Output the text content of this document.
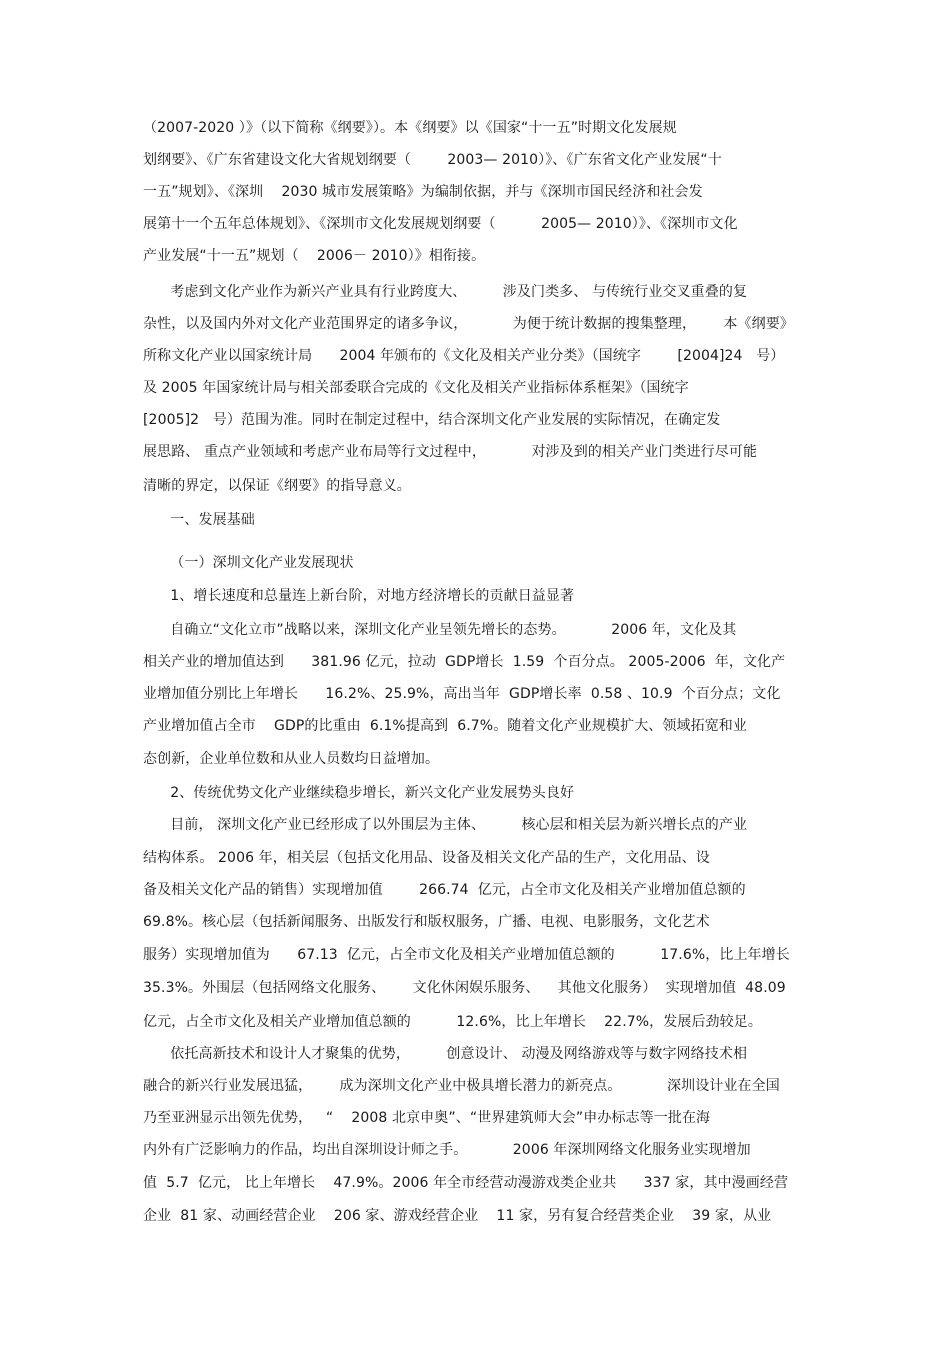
（2007-2020 ）》（以下简称《纲要》）。本《纲要》以《国家“十一五”时期文化发展规
划纲要》、《广东省建设文化大省规划纲要（        2003— 2010）》、《广东省文化产业发展“十
一五”规划》、《深圳    2030 城市发展策略》为编制依据，并与《深圳市国民经济和社会发
展第十一个五年总体规划》、《深圳市文化发展规划纲要（          2005— 2010）》、《深圳市文化
产业发展“十一五”规划（    2006－ 2010）》相衔接。
考虑到文化产业作为新兴产业具有行业跨度大、        涉及门类多、 与传统行业交叉重叠的复
杂性，以及国内外对文化产业范围界定的诸多争议，          为便于统计数据的搜集整理，      本《纲要》
所称文化产业以国家统计局      2004 年颁布的《文化及相关产业分类》（国统字        [2004]24   号）
及 2005 年国家统计局与相关部委联合完成的《文化及相关产业指标体系框架》（国统字
[2005]2   号）范围为准。同时在制定过程中，结合深圳文化产业发展的实际情况，在确定发
展思路、 重点产业领域和考虑产业布局等行文过程中，          对涉及到的相关产业门类进行尽可能
清晰的界定，以保证《纲要》的指导意义。
一、发展基础
（一）深圳文化产业发展现状
1、增长速度和总量连上新台阶，对地方经济增长的贡献日益显著
自确立“文化立市”战略以来，深圳文化产业呈领先增长的态势。          2006 年，文化及其
相关产业的增加值达到      381.96 亿元，拉动  GDP增长  1.59  个百分点。 2005-2006  年，文化产
业增加值分别比上年增长      16.2%、25.9%，高出当年  GDP增长率  0.58 、10.9  个百分点；文化
产业增加值占全市    GDP的比重由  6.1%提高到  6.7%。随着文化产业规模扩大、领域拓宽和业
态创新，企业单位数和从业人员数均日益增加。
2、传统优势文化产业继续稳步增长，新兴文化产业发展势头良好
目前， 深圳文化产业已经形成了以外围层为主体、        核心层和相关层为新兴增长点的产业
结构体系。 2006 年，相关层（包括文化用品、设备及相关文化产品的生产，文化用品、设
备及相关文化产品的销售）实现增加值        266.74  亿元，占全市文化及相关产业增加值总额的
69.8%。核心层（包括新闻服务、出版发行和版权服务，广播、电视、电影服务，文化艺术
服务）实现增加值为      67.13  亿元，占全市文化及相关产业增加值总额的          17.6%，比上年增长
35.3%。外围层（包括网络文化服务、      文化休闲娱乐服务、    其他文化服务）  实现增加值  48.09
亿元，占全市文化及相关产业增加值总额的          12.6%，比上年增长    22.7%，发展后劲较足。
依托高新技术和设计人才聚集的优势，        创意设计、 动漫及网络游戏等与数字网络技术相
融合的新兴行业发展迅猛，      成为深圳文化产业中极具增长潜力的新亮点。          深圳设计业在全国
乃至亚洲显示出领先优势，   “    2008 北京申奥”、“世界建筑师大会”申办标志等一批在海
内外有广泛影响力的作品，均出自深圳设计师之手。          2006 年深圳网络文化服务业实现增加
值  5.7  亿元， 比上年增长    47.9%。2006 年全市经营动漫游戏类企业共      337 家，其中漫画经营
企业  81 家、动画经营企业    206 家、游戏经营企业    11 家，另有复合经营类企业    39 家，从业
